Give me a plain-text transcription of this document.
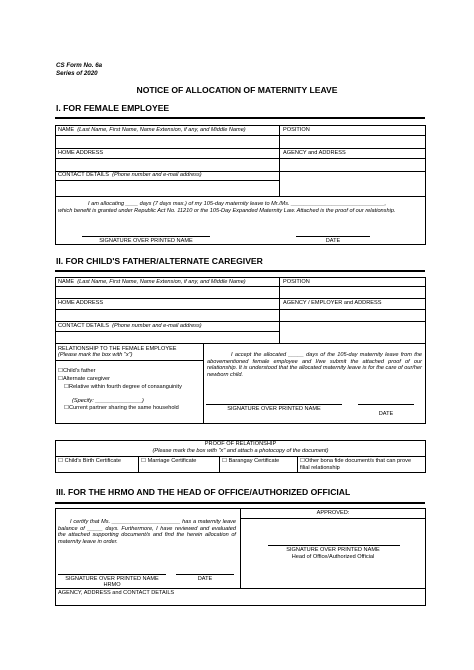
CS Form No. 6a
Series of 2020
NOTICE OF ALLOCATION OF MATERNITY LEAVE
I. FOR FEMALE EMPLOYEE
NAME (Last Name, First Name, Name Extension, if any, and Middle Name)	POSITION
HOME ADDRESS	AGENCY and ADDRESS
CONTACT DETAILS (Phone number and e-mail address)
I am allocating ____ days (7 days max.) of my 105-day maternity leave to Mr./Ms. ______________________________,
which benefit is granted under Republic Act No. 11210 or the 105-Day Expanded Maternity Law. Attached is the proof of our relationship.
SIGNATURE OVER PRINTED NAME	DATE
II. FOR CHILD'S FATHER/ALTERNATE CAREGIVER
NAME (Last Name, First Name, Name Extension, if any, and Middle Name)	POSITION
HOME ADDRESS	AGENCY / EMPLOYER and ADDRESS
CONTACT DETAILS (Phone number and e-mail address)
RELATIONSHIP TO THE FEMALE EMPLOYEE
(Please mark the box with "x")
☐Child's father
☐Alternate caregiver
☐Relative within fourth degree of consanguinity
(Specify: _______________)
☐Current partner sharing the same household
I accept the allocated _____ days of the 105-day maternity leave from the abovementioned female employee and I/we submit the attached proof of our relationship. It is understood that the allocated maternity leave is for the care of our/her newborn child.
SIGNATURE OVER PRINTED NAME
DATE
PROOF OF RELATIONSHIP
(Please mark the box with "x" and attach a photocopy of the document)
☐ Child's Birth Certificate	☐ Marriage Certificate	☐ Barangay Certificate	☐Other bona fide document/s that can prove filial relationship
III. FOR THE HRMO AND THE HEAD OF OFFICE/AUTHORIZED OFFICIAL
I certify that Ms. ______________________ has a maternity leave balance of _____ days. Furthermore, I have reviewed and evaluated the attached supporting document/s and find the herein allocation of maternity leave in order.
SIGNATURE OVER PRINTED NAME
HRMO
DATE
APPROVED:
SIGNATURE OVER PRINTED NAME
Head of Office/Authorized Official
AGENCY, ADDRESS and CONTACT DETAILS
